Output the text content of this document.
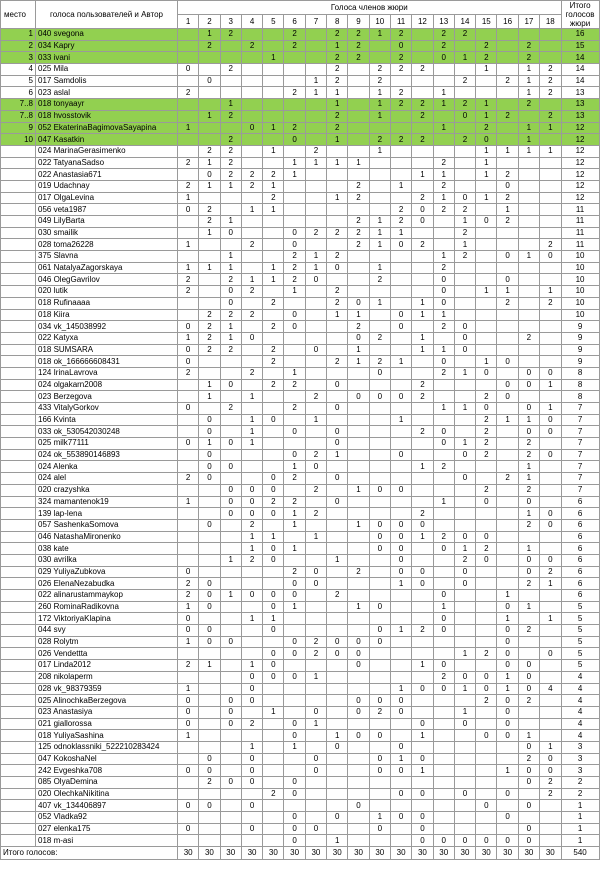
место	голоса пользователей и Автор	Голоса членов жюри																		Итого
голосов
жюри

		1	2	3	4	5	6	7	8	9	10	11	12	13	14	15	16	17	18	
1	040 svegona		1	2			2		2	2	1	2		2	2					16
2	034 Kapry		2		2		2		1	2		0		2		2		2		15
3	033 ivani					1			2	2		2		0	1	2		2		14
4	025 Mila	0		2					2		2	2	2			1		1	2	14
5	017 Samdolis		0					1	2		2				2		2	1	2	14
6	023 aslal	2					2	1	1		1	2		1				1	2	13
7..8	018 tonyaayr			1					1		1	2	2	1	2	1		2		13
7..8	018 hvosstovik		1	2					2		1		2		0	1	2		2	13
9	052 EkaterinaBagimovaSayapina	1			0	1	2		2					1		2		1	1	12
10	047 Kasatkin			2			0		1		2	2	2		2	0		1		12
	024 MarinaGerasimenko		2	2		1		2			1					1	1	1	1	12
	022 TatyanaSadso	2	1	2			1	1	1	1				2		1				12
	022 Anastasia671		0	2	2	2	1						1	1		1	2			12
	019 Udachnay	2	1	1	2	1				2		1		2			0			12
	017 OlgaLevina	1				2			1	2			2	1	0	1	2			12
	056 veta1987	0	2		1	1						2	0	2	2		1			11
	049 LilyBarta		2	1						2	1	2	0		1	0	2			11
	030 smailik		1	0			0	2	2	2	1	1			2					11
	028 toma26228	1			2		0			2	1	0	2		1				2	11
	375 Slavna			1			2	1	2					1	2		0	1	0	10
	061 NatalyaZagorskaya	1	1	1		1	2	1	0		1			2						10
	046 OlegGavrilov	2		2	1	1	2	0			2			0			0			10
	020 lutik	2		0	2		1		2					0		1	1		1	10
	018 Rufinaaaa			0		2			2	0	1		1	0			2		2	10
	018 Kiira		2	2	2		0		1	1		0	1	1						10
	034 vk_145038992	0	2	1		2	0			2		0		2	0					9
	022 Katyxa	1	2	1	0					0	2		1		0			2		9
	018 SUMSARA	0	2	2		2		0		1			1	1	0					9
	018 ok_166666608431	0				2			2	1	2	1		0		1	0			9
	124 IrinaLavrova	2			2		1				0			2	1	0		0	0	8
	024 olgakarn2008		1	0		2	2		0				2				0	0	1	8
	023 Berzegova		1		1			2		0	0	0	2			2	0			8
	433 VitalyGorkov	0		2			2		0					1	1	0		0	1	7
	166 Kvinta		0		1	0		1				1				2	1	1	0	7
	033 ok_530542030248		0		1		0		0				2	0		2		0	0	7
	025 milk77111	0	1	0	1				0					0	1	2		2		7
	024 ok_553890146893		0				0	2	1			0			0	2		2	0	7
	024 Alenka		0	0			1	0					1	2				1		7
	024 alel	2	0			0	2		0						0		2	1		7
	020 crazyshka			0	0	0		2		1	0	0				2		2		7
	324 mamantenok19	1		0	0	2	2		0					1		0		0		6
	139 lap-lena			0	0	0	1	2					2					1	0	6
	057 SashenkaSomova		0		2		1			1	0	0	0					2	0	6
	046 NatashaMironenko				1	1		1			0	0	1	2	0	0				6
	038 kate				1	0	1				0	0		0	1	2		1		6
	030 avrilka			1	2	0			1			0			2	0		0	0	6
	029 YuliyaZubkova	0					2	0		2		0	0		0			0	2	6
	026 ElenaNezabudka	2	0				0	0				1	0		0			2	1	6
	022 alinarustammaykop	2	0	1	0	0	0		2					0			1			6
	260 RominaRadikovna	1	0			0	1			1	0			1			0	1		5
	172 ViktoriyaKlapina	0			1	1								0			1		1	5
	044 svy	0	0			0					0	1	2	0			0	2		5
	028 Rolytm	1	0	0			0	2	0	0	0						0			5
	026 Vendettta					0	0	2	0	0					1	2	0		0	5
	017 Linda2012	2	1		1	0				0			1	0			0	0		5
	208 nikolaperm				0	0	0	1						2	0	0	1	0		4
	028 vk_98379359	1			0							1	0	0	1	0	1	0	4	4
	025 AlinochkaBerzegova	0		0	0					0	0	0				2	0	2		4
	023 Anastasiya	0		0		1		0		0	2	0			1		0			4
	021 giallorossa	0		0	2		0	1					0		0		0			4
	018 YuliyaSashina	1					0		1	0	0		1			0	0	1		4
	125 odnoklassniki_522210283424				1		1		0			0						0	1	3
	047 KokoshaNel		0		0			0			0	1	0					2	0	3
	242 Evgeshka708	0	0		0			0			0	0	1				1	0	0	3
	085 OlyaDemina		2	0	0		0											0	2	2
	020 OlechkaNikitina					2	0					0	0		0		0		2	2
	407 vk_134406897	0	0		0					0						0		0		1
	052 Vladka92						0		0		1	0	0				0			1
	027 elenka175	0			0		0	0			0		0					0		1
	018 m-asi						0		1				0	0	0	0	0	0		1
Итого голосов:		30	30	30	30	30	30	30	30	30	30	30	30	30	30	30	30	30	30	540
